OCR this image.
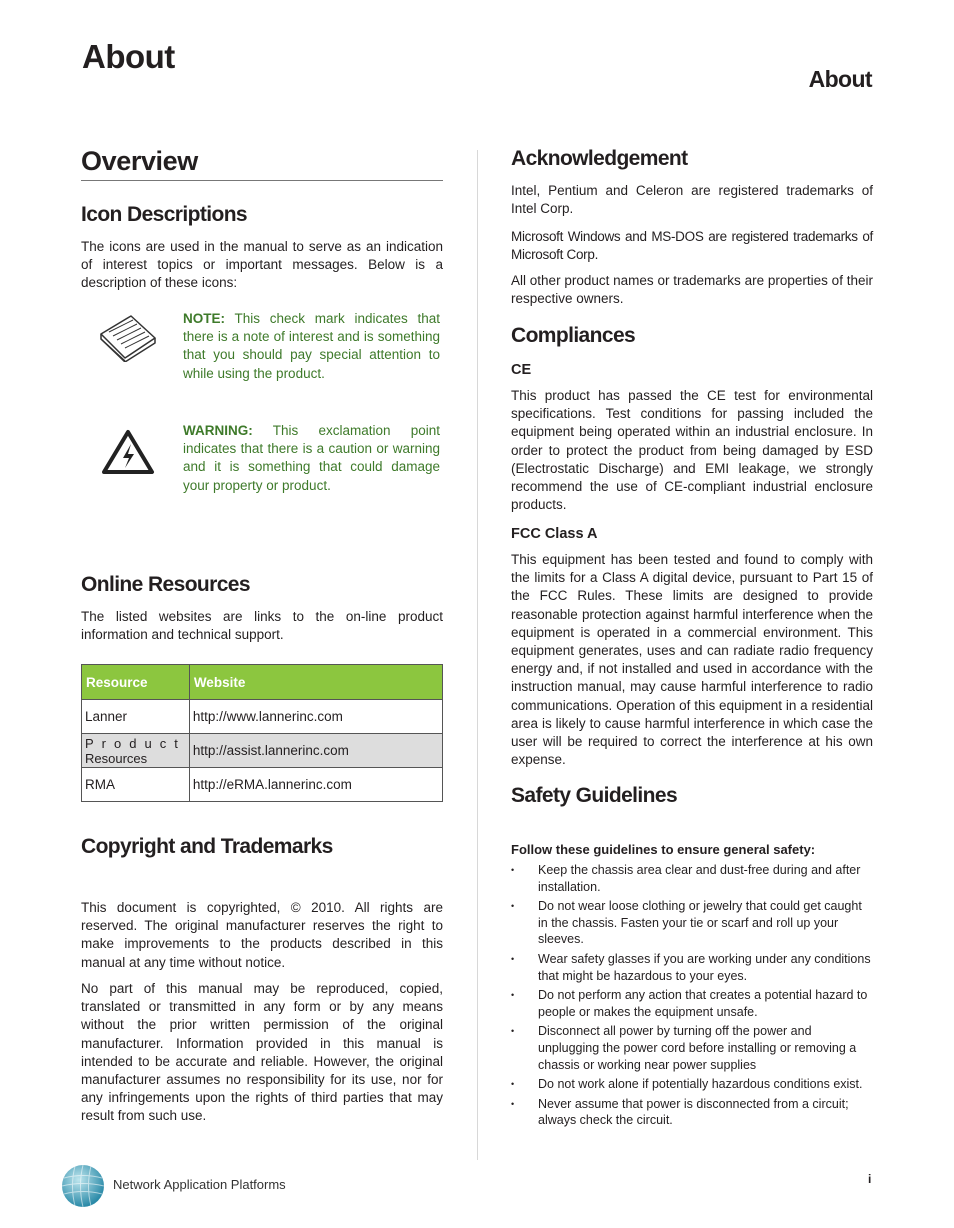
About
About
Overview
Icon Descriptions

The icons are used in the manual to serve as an indication of interest topics or important messages. Below is a description of these icons:

NOTE: This check mark indicates that there is a note of interest and is something that you should pay special attention to while using the product.

WARNING: This exclamation point indicates that there is a caution or warning and it is something that could damage your property or product.

Online Resources

The listed websites are links to the on-line product information and technical support.

Resource	Website
Lanner	http://www.lannerinc.com
Product
Resources	http://assist.lannerinc.com
RMA	http://eRMA.lannerinc.com
Copyright and Trademarks

This document is copyrighted, © 2010. All rights are reserved. The original manufacturer reserves the right to make improvements to the products described in this manual at any time without notice.

No part of this manual may be reproduced, copied, translated or transmitted in any form or by any means without the prior written permission of the original manufacturer. Information provided in this manual is intended to be accurate and reliable. However, the original manufacturer assumes no responsibility for its use, nor for any infringements upon the rights of third parties that may result from such use.

Acknowledgement

Intel, Pentium and Celeron are registered trademarks of Intel Corp.

Microsoft Windows and MS-DOS are registered trademarks of Microsoft Corp.

All other product names or trademarks are properties of their respective owners.

Compliances
CE

This product has passed the CE test for environmental specifications. Test conditions for passing included the equipment being operated within an industrial enclosure. In order to protect the product from being damaged by ESD (Electrostatic Discharge) and EMI leakage, we strongly recommend the use of CE-compliant industrial enclosure products.

FCC Class A

This equipment has been tested and found to comply with the limits for a Class A digital device, pursuant to Part 15 of the FCC Rules. These limits are designed to provide reasonable protection against harmful interference when the equipment is operated in a commercial environment. This equipment generates, uses and can radiate radio frequency energy and, if not installed and used in accordance with the instruction manual, may cause harmful interference to radio communications. Operation of this equipment in a residential area is likely to cause harmful interference in which case the user will be required to correct the interference at his own expense.

Safety Guidelines
Follow these guidelines to ensure general safety:
• Keep the chassis area clear and dust-free during and after installation.
• Do not wear loose clothing or jewelry that could get caught in the chassis. Fasten your tie or scarf and roll up your sleeves.
• Wear safety glasses if you are working under any conditions that might be hazardous to your eyes.
• Do not perform any action that creates a potential hazard to people or makes the equipment unsafe.
• Disconnect all power by turning off the power and unplugging the power cord before installing or removing a chassis or working near power supplies
• Do not work alone if potentially hazardous conditions exist.
• Never assume that power is disconnected from a circuit; always check the circuit.
Network Application Platforms	i
